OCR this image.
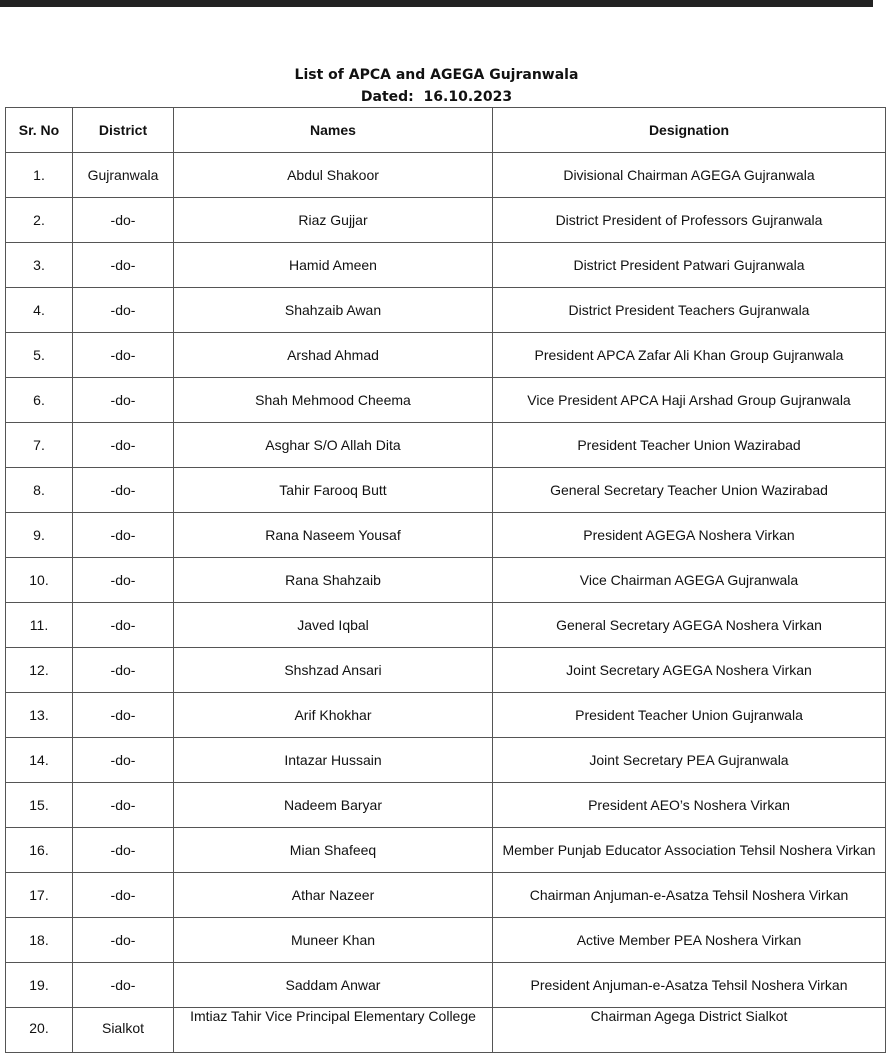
List of APCA and AGEGA Gujranwala
Dated: 16.10.2023
Sr. No	District	Names	Designation
1.	Gujranwala	Abdul Shakoor	Divisional Chairman AGEGA Gujranwala
2.	-do-	Riaz Gujjar	District President of Professors Gujranwala
3.	-do-	Hamid Ameen	District President Patwari Gujranwala
4.	-do-	Shahzaib Awan	District President Teachers Gujranwala
5.	-do-	Arshad Ahmad	President APCA Zafar Ali Khan Group Gujranwala
6.	-do-	Shah Mehmood Cheema	Vice President APCA Haji Arshad Group Gujranwala
7.	-do-	Asghar S/O Allah Dita	President Teacher Union Wazirabad
8.	-do-	Tahir Farooq Butt	General Secretary Teacher Union Wazirabad
9.	-do-	Rana Naseem Yousaf	President AGEGA Noshera Virkan
10.	-do-	Rana Shahzaib	Vice Chairman AGEGA Gujranwala
11.	-do-	Javed Iqbal	General Secretary AGEGA Noshera Virkan
12.	-do-	Shshzad Ansari	Joint Secretary AGEGA Noshera Virkan
13.	-do-	Arif Khokhar	President Teacher Union Gujranwala
14.	-do-	Intazar Hussain	Joint Secretary PEA Gujranwala
15.	-do-	Nadeem Baryar	President AEO’s Noshera Virkan
16.	-do-	Mian Shafeeq	Member Punjab Educator Association Tehsil Noshera Virkan
17.	-do-	Athar Nazeer	Chairman Anjuman-e-Asatza Tehsil Noshera Virkan
18.	-do-	Muneer Khan	Active Member PEA Noshera Virkan
19.	-do-	Saddam Anwar	President Anjuman-e-Asatza Tehsil Noshera Virkan

20.	Sialkot	Imtiaz Tahir Vice Principal Elementary College	Chairman Agega District Sialkot
